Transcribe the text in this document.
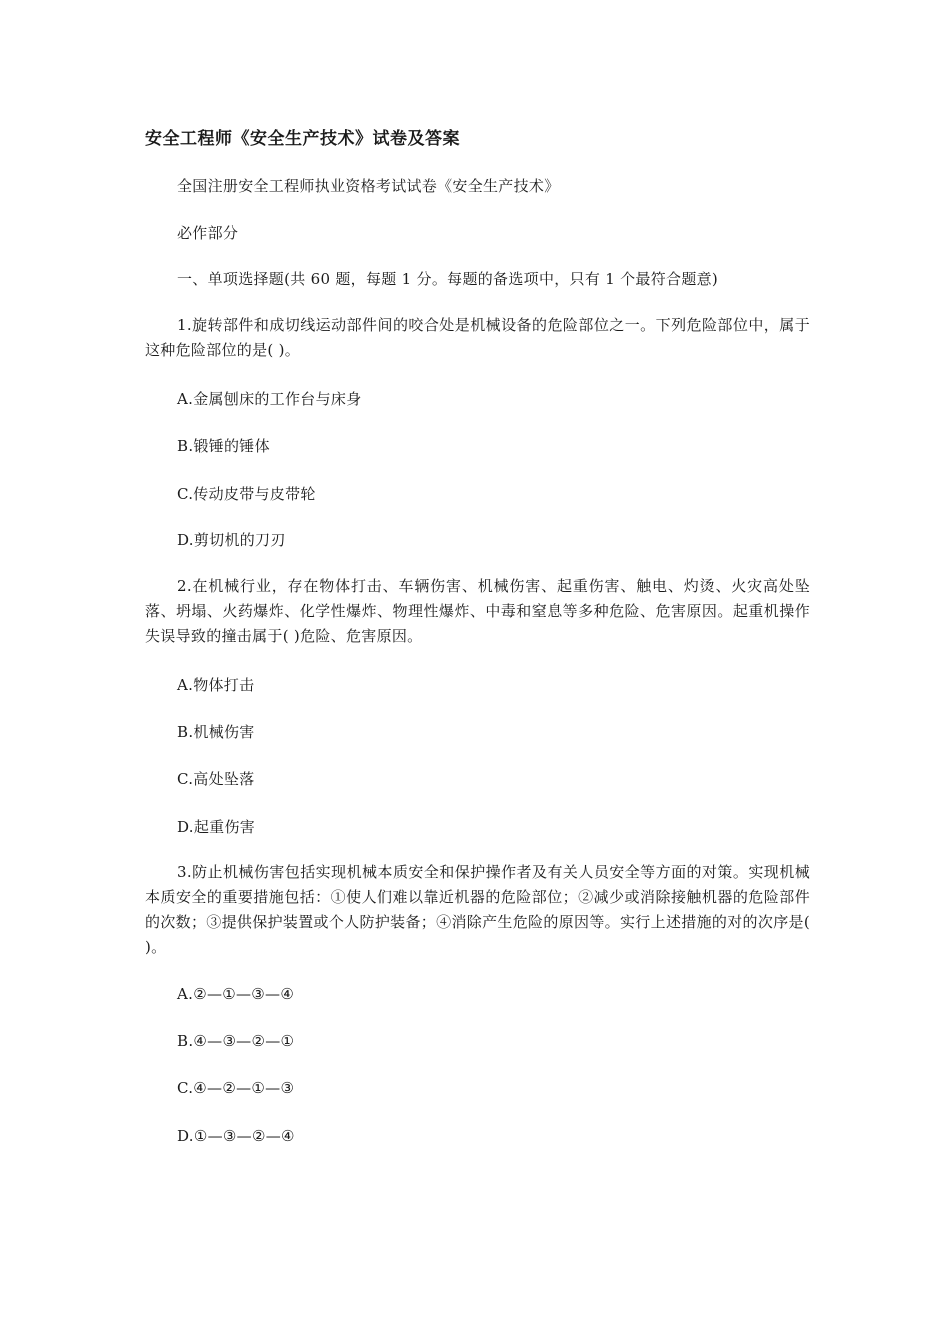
安全工程师《安全生产技术》试卷及答案
全国注册安全工程师执业资格考试试卷《安全生产技术》
必作部分
一、单项选择题(共 60 题，每题 1 分。每题的备选项中，只有 1 个最符合题意)
1.旋转部件和成切线运动部件间的咬合处是机械设备的危险部位之一。下列危险部位中，属于这种危险部位的是( )。
A.金属刨床的工作台与床身
B.锻锤的锤体
C.传动皮带与皮带轮
D.剪切机的刀刃
2.在机械行业，存在物体打击、车辆伤害、机械伤害、起重伤害、触电、灼烫、火灾高处坠落、坍塌、火药爆炸、化学性爆炸、物理性爆炸、中毒和窒息等多种危险、危害原因。起重机操作失误导致的撞击属于( )危险、危害原因。
A.物体打击
B.机械伤害
C.高处坠落
D.起重伤害
3.防止机械伤害包括实现机械本质安全和保护操作者及有关人员安全等方面的对策。实现机械本质安全的重要措施包括：①使人们难以靠近机器的危险部位；②减少或消除接触机器的危险部件的次数；③提供保护装置或个人防护装备；④消除产生危险的原因等。实行上述措施的对的次序是( )。
A.②—①—③—④
B.④—③—②—①
C.④—②—①—③
D.①—③—②—④
